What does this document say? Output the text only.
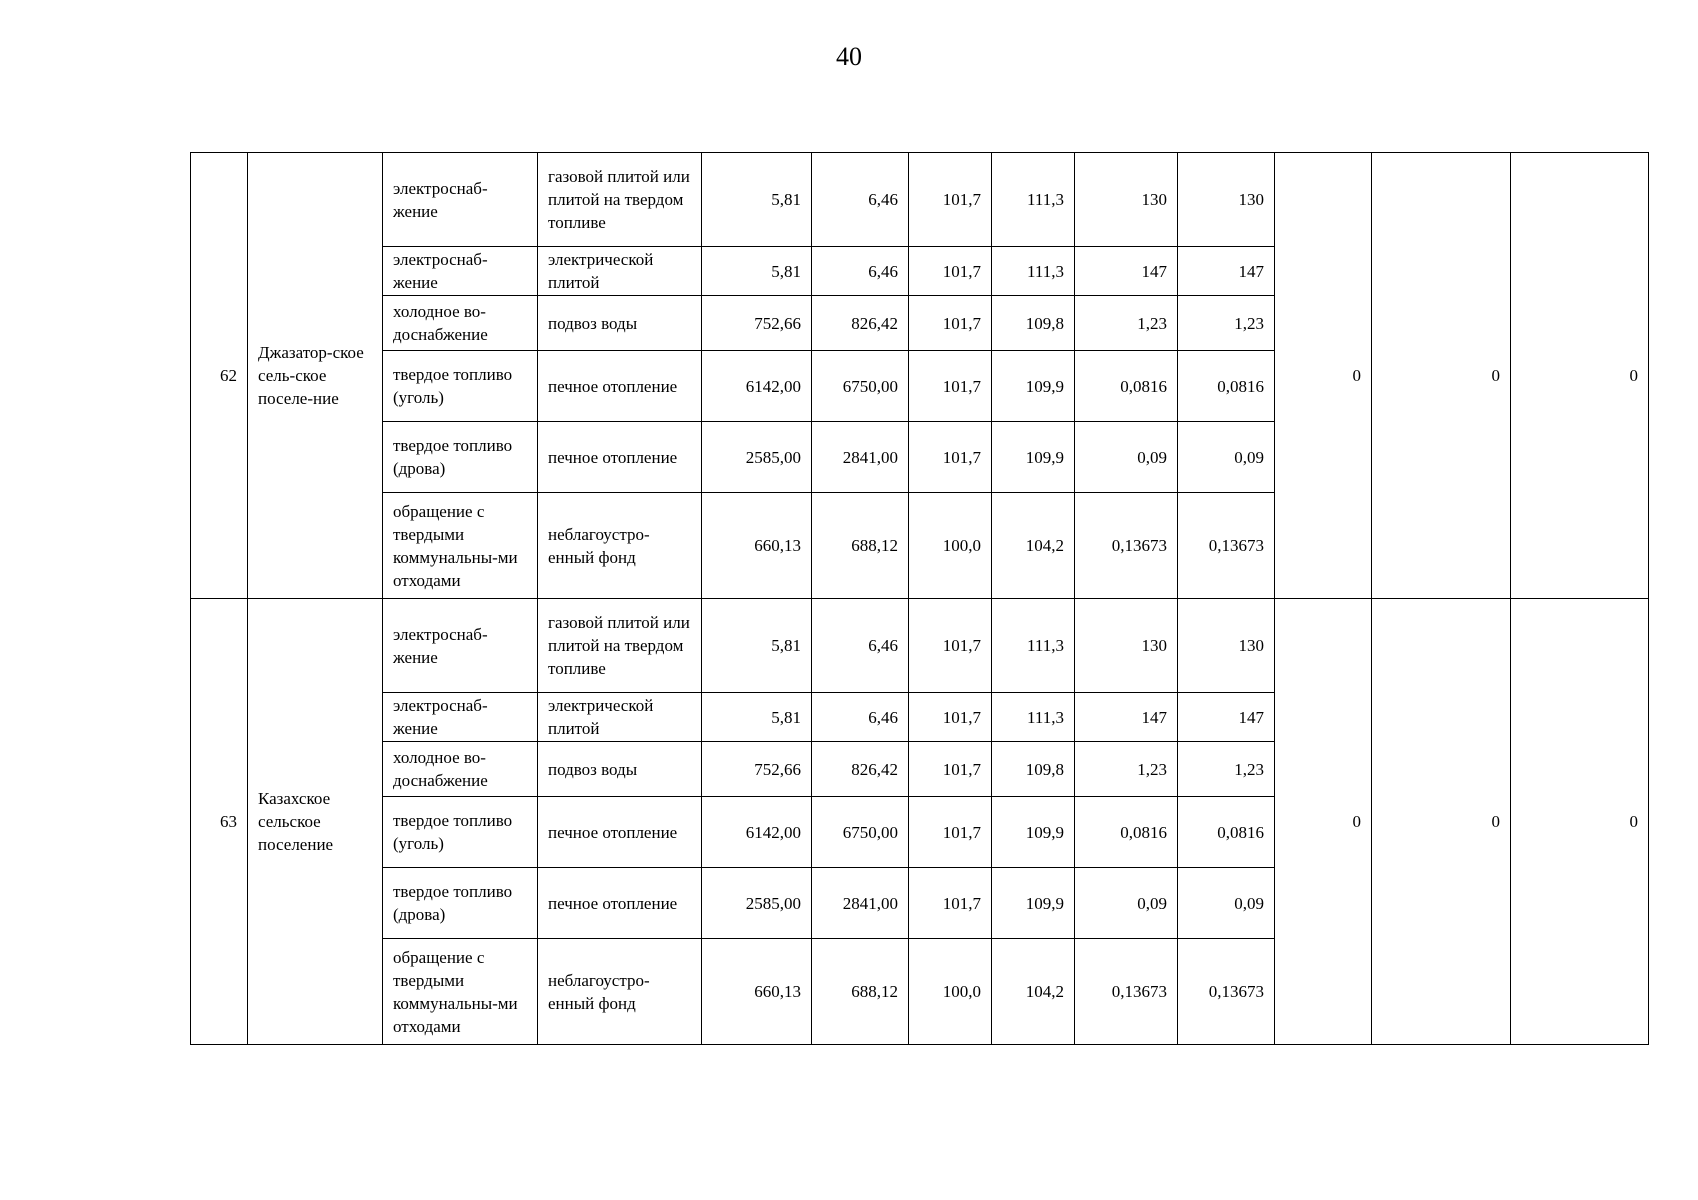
40
62	Джазатор-ское сель-ское поселе-ние	электроснаб-жение	газовой плитой или плитой на твердом топливе	5,81	6,46	101,7	111,3	130	130	0	0	0
		электроснаб-жение	электрической плитой	5,81	6,46	101,7	111,3	147	147			
		холодное во-доснабжение	подвоз воды	752,66	826,42	101,7	109,8	1,23	1,23			
		твердое топливо (уголь)	печное отопление	6142,00	6750,00	101,7	109,9	0,0816	0,0816			
		твердое топливо (дрова)	печное отопление	2585,00	2841,00	101,7	109,9	0,09	0,09			
		обращение с твердыми коммунальны-ми отходами	неблагоустро-енный фонд	660,13	688,12	100,0	104,2	0,13673	0,13673			
63	Казахское сельское поселение	электроснаб-жение	газовой плитой или плитой на твердом топливе	5,81	6,46	101,7	111,3	130	130	0	0	0
		электроснаб-жение	электрической плитой	5,81	6,46	101,7	111,3	147	147			
		холодное во-доснабжение	подвоз воды	752,66	826,42	101,7	109,8	1,23	1,23			
		твердое топливо (уголь)	печное отопление	6142,00	6750,00	101,7	109,9	0,0816	0,0816			
		твердое топливо (дрова)	печное отопление	2585,00	2841,00	101,7	109,9	0,09	0,09			
		обращение с твердыми коммунальны-ми отходами	неблагоустро-енный фонд	660,13	688,12	100,0	104,2	0,13673	0,13673			
